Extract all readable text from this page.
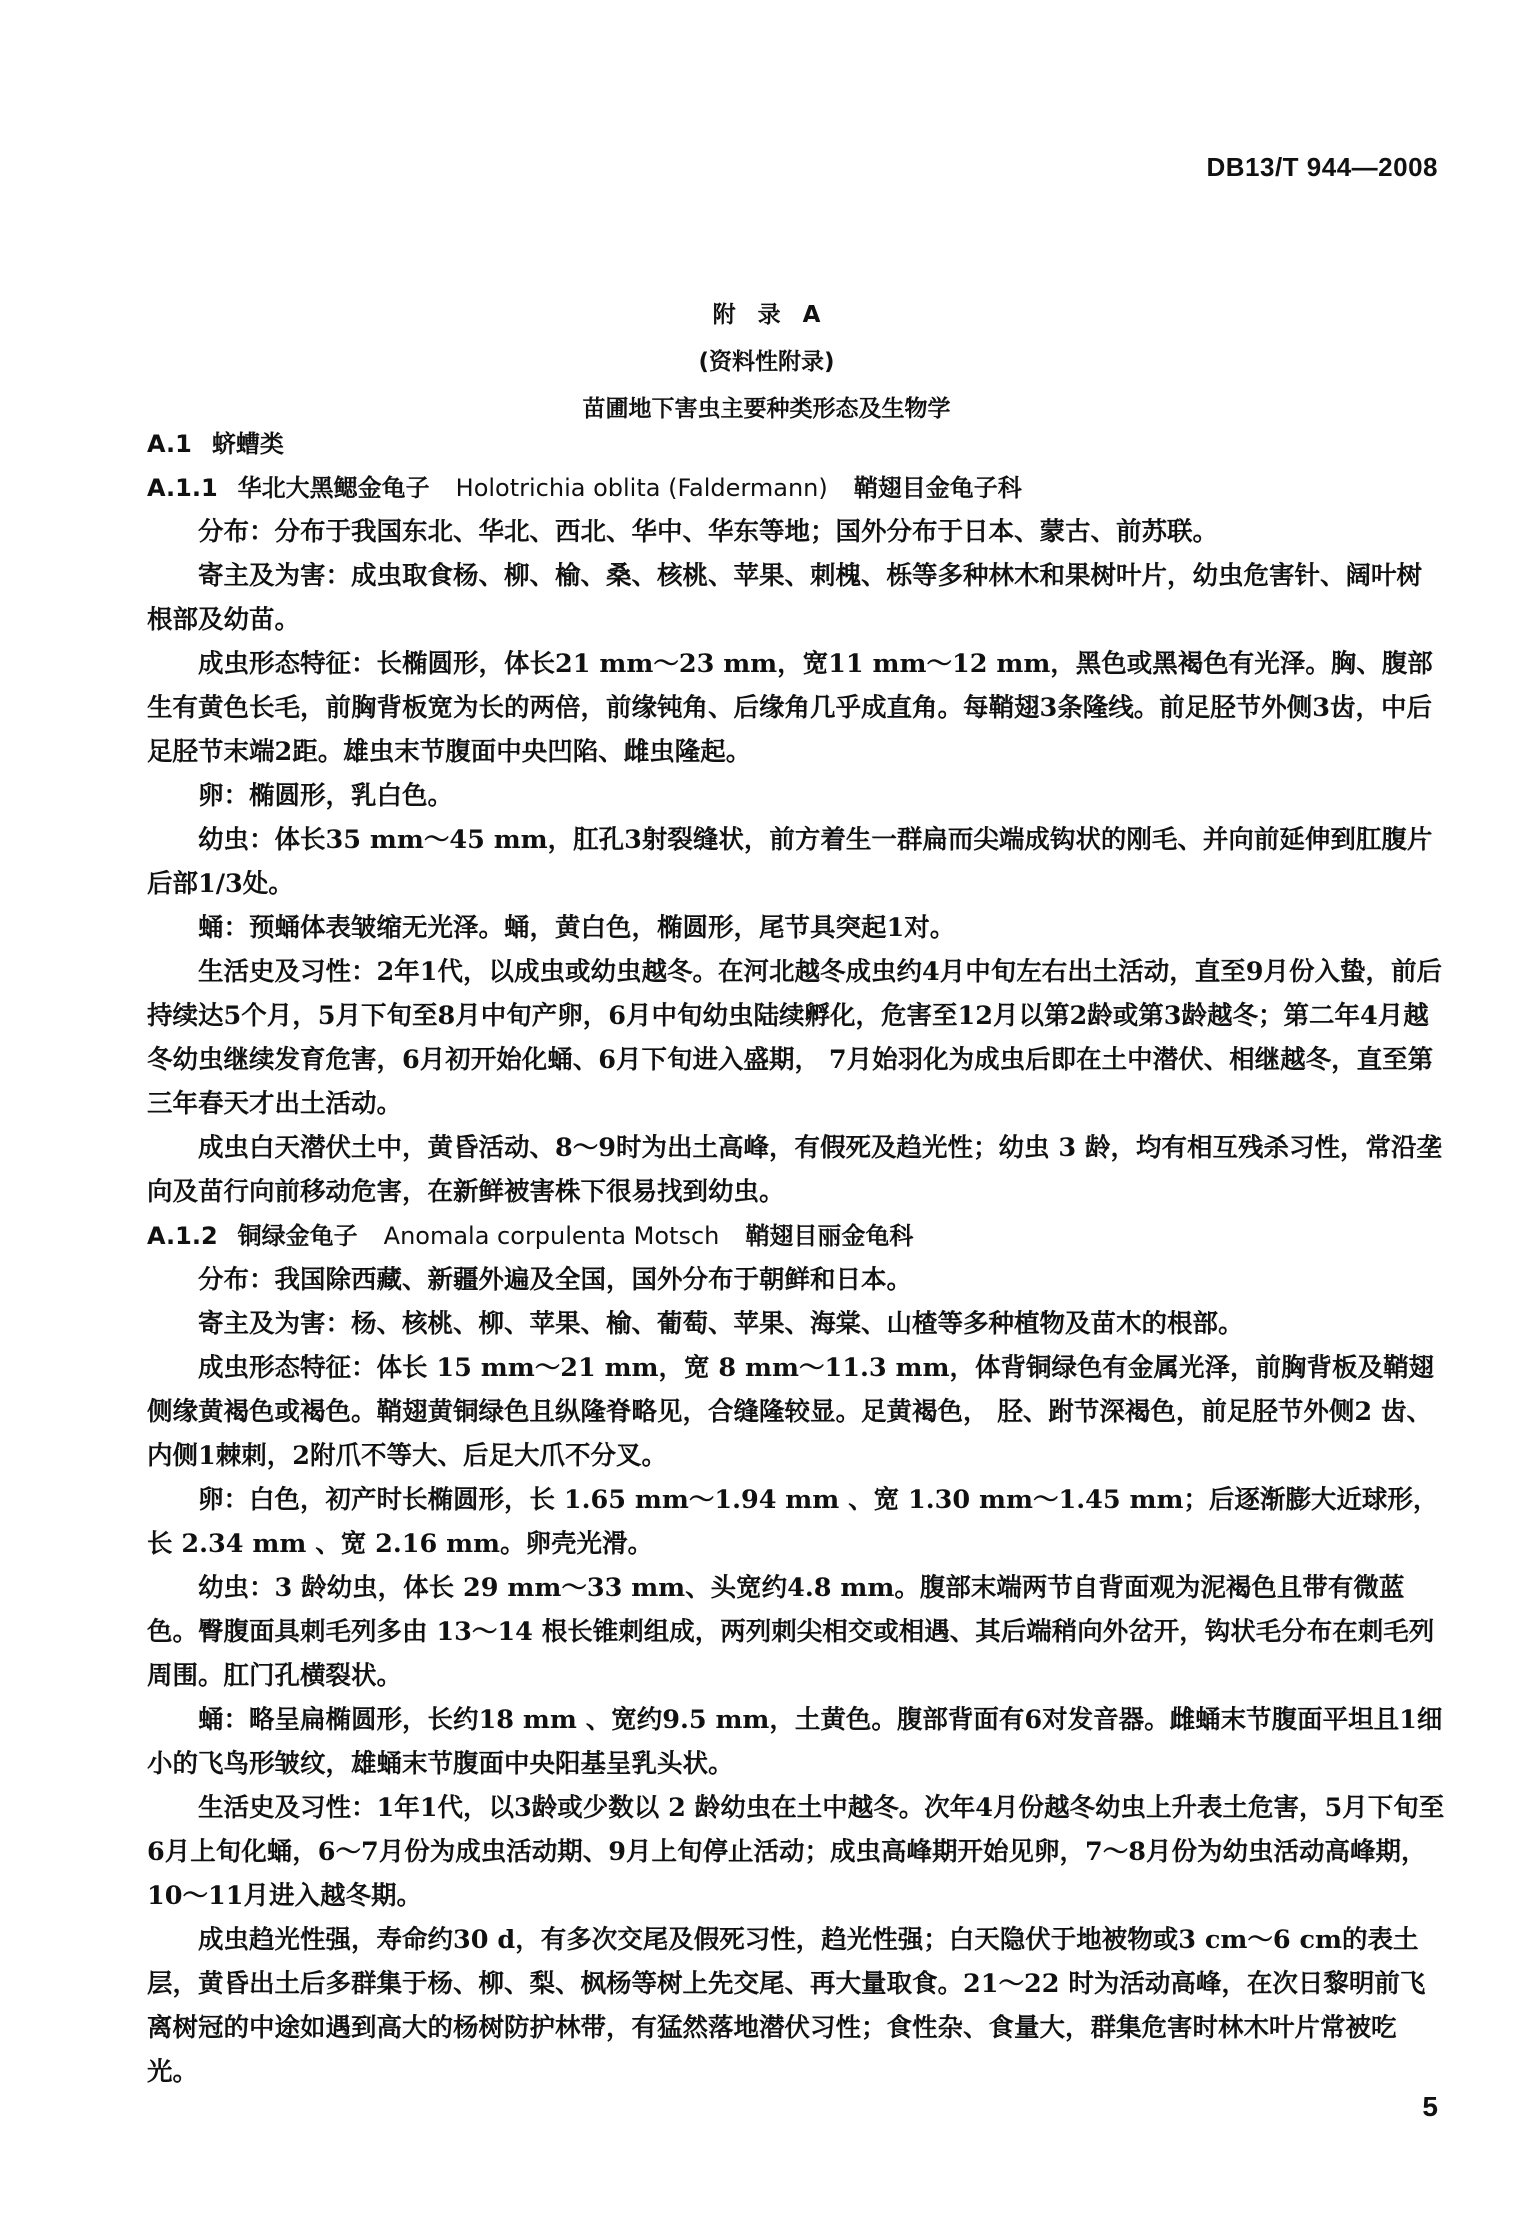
DB13/T 944—2008
附录A
(资料性附录)
苗圃地下害虫主要种类形态及生物学

A.1 蛴螬类

A.1.1 华北大黑鳃金龟子 Holotrichia oblita (Faldermann) 鞘翅目金龟子科

分布：分布于我国东北、华北、西北、华中、华东等地；国外分布于日本、蒙古、前苏联。

寄主及为害：成虫取食杨、柳、榆、桑、核桃、苹果、刺槐、栎等多种林木和果树叶片，幼虫危害针、阔叶树根部及幼苗。

成虫形态特征：长椭圆形，体长21 mm～23 mm，宽11 mm～12 mm，黑色或黑褐色有光泽。胸、腹部生有黄色长毛，前胸背板宽为长的两倍，前缘钝角、后缘角几乎成直角。每鞘翅3条隆线。前足胫节外侧3齿，中后足胫节末端2距。雄虫末节腹面中央凹陷、雌虫隆起。

卵：椭圆形，乳白色。

幼虫：体长35 mm～45 mm，肛孔3射裂缝状，前方着生一群扁而尖端成钩状的刚毛、并向前延伸到肛腹片后部1/3处。

蛹：预蛹体表皱缩无光泽。蛹，黄白色，椭圆形，尾节具突起1对。

生活史及习性：2年1代，以成虫或幼虫越冬。在河北越冬成虫约4月中旬左右出土活动，直至9月份入蛰，前后持续达5个月，5月下旬至8月中旬产卵，6月中旬幼虫陆续孵化，危害至12月以第2龄或第3龄越冬；第二年4月越冬幼虫继续发育危害，6月初开始化蛹、6月下旬进入盛期， 7月始羽化为成虫后即在土中潜伏、相继越冬，直至第三年春天才出土活动。

成虫白天潜伏土中，黄昏活动、8～9时为出土高峰，有假死及趋光性；幼虫 3 龄，均有相互残杀习性，常沿垄向及苗行向前移动危害，在新鲜被害株下很易找到幼虫。

A.1.2 铜绿金龟子 Anomala corpulenta Motsch 鞘翅目丽金龟科

分布：我国除西藏、新疆外遍及全国，国外分布于朝鲜和日本。

寄主及为害：杨、核桃、柳、苹果、榆、葡萄、苹果、海棠、山楂等多种植物及苗木的根部。

成虫形态特征：体长 15 mm～21 mm，宽 8 mm～11.3 mm，体背铜绿色有金属光泽，前胸背板及鞘翅侧缘黄褐色或褐色。鞘翅黄铜绿色且纵隆脊略见，合缝隆较显。足黄褐色， 胫、跗节深褐色，前足胫节外侧2 齿、内侧1棘刺，2附爪不等大、后足大爪不分叉。

卵：白色，初产时长椭圆形，长 1.65 mm～1.94 mm 、宽 1.30 mm～1.45 mm；后逐渐膨大近球形，长 2.34 mm 、宽 2.16 mm。卵壳光滑。

幼虫：3 龄幼虫，体长 29 mm～33 mm、头宽约4.8 mm。腹部末端两节自背面观为泥褐色且带有微蓝色。臀腹面具刺毛列多由 13～14 根长锥刺组成，两列刺尖相交或相遇、其后端稍向外岔开，钩状毛分布在刺毛列周围。肛门孔横裂状。

蛹：略呈扁椭圆形，长约18 mm 、宽约9.5 mm，土黄色。腹部背面有6对发音器。雌蛹末节腹面平坦且1细小的飞鸟形皱纹，雄蛹末节腹面中央阳基呈乳头状。

生活史及习性：1年1代，以3龄或少数以 2 龄幼虫在土中越冬。次年4月份越冬幼虫上升表土危害，5月下旬至6月上旬化蛹，6～7月份为成虫活动期、9月上旬停止活动；成虫高峰期开始见卵，7～8月份为幼虫活动高峰期，10～11月进入越冬期。

成虫趋光性强，寿命约30 d，有多次交尾及假死习性，趋光性强；白天隐伏于地被物或3 cm～6 cm的表土层，黄昏出土后多群集于杨、柳、梨、枫杨等树上先交尾、再大量取食。21～22 时为活动高峰，在次日黎明前飞离树冠的中途如遇到高大的杨树防护林带，有猛然落地潜伏习性；食性杂、食量大，群集危害时林木叶片常被吃光。

5
